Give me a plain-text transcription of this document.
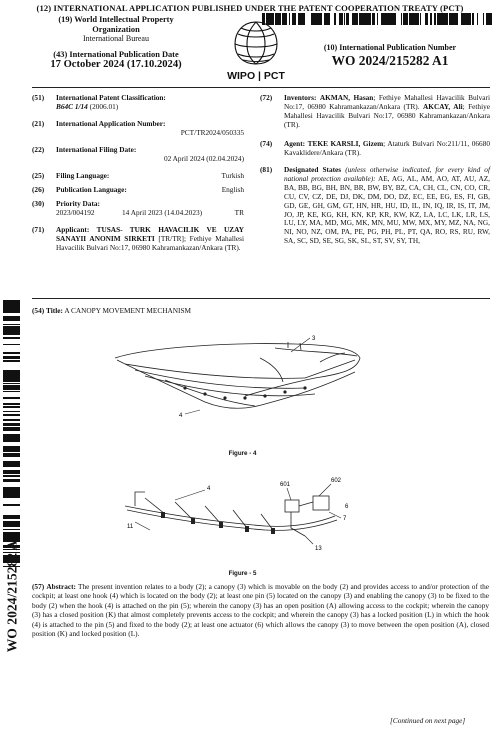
(12) INTERNATIONAL APPLICATION PUBLISHED UNDER THE PATENT COOPERATION TREATY (PCT)
(19) World Intellectual Property
Organization
International Bureau
(43) International Publication Date
17 October 2024 (17.10.2024)
WIPO | PCT
(10) International Publication Number
WO 2024/215282 A1
(51)	International Patent Classification:
B64C 1/14 (2006.01)
(21)	International Application Number:
PCT/TR2024/050335
(22)	International Filing Date:
02 April 2024 (02.04.2024)
(25)	Filing Language:	Turkish
(26)	Publication Language:	English
(30)	Priority Data:
2023/004192	14 April 2023 (14.04.2023)	TR
(71)	Applicant: TUSAS- TURK HAVACILIK VE UZAY SANAYII ANONIM SIRKETI [TR/TR]; Fethiye Mahallesi Havacilik Bulvari No:17, 06980 Kahramankazan/Ankara (TR).
(72)	Inventors: AKMAN, Hasan; Fethiye Mahallesi Havacilik Bulvari No:17, 06980 Kahramankazan/Ankara (TR). AKCAY, Ali; Fethiye Mahallesi Havacilik Bulvari No:17, 06980 Kahramankazan/Ankara (TR).
(74)	Agent: TEKE KARSLI, Gizem; Ataturk Bulvari No:211/11, 06680 Kavaklidere/Ankara (TR).
(81)	Designated States (unless otherwise indicated, for every kind of national protection available): AE, AG, AL, AM, AO, AT, AU, AZ, BA, BB, BG, BH, BN, BR, BW, BY, BZ, CA, CH, CL, CN, CO, CR, CU, CV, CZ, DE, DJ, DK, DM, DO, DZ, EC, EE, EG, ES, FI, GB, GD, GE, GH, GM, GT, HN, HR, HU, ID, IL, IN, IQ, IR, IS, IT, JM, JO, JP, KE, KG, KH, KN, KP, KR, KW, KZ, LA, LC, LK, LR, LS, LU, LY, MA, MD, MG, MK, MN, MU, MW, MX, MY, MZ, NA, NG, NI, NO, NZ, OM, PA, PE, PG, PH, PL, PT, QA, RO, RS, RU, RW, SA, SC, SD, SE, SG, SK, SL, ST, SV, SY, TH,
WO 2024/215282 A1
(54) Title: A CANOPY MOVEMENT MECHANISM
3
4
Figure - 4
4
601
602
11
7
6
13
Figure - 5
(57) Abstract: The present invention relates to a body (2); a canopy (3) which is movable on the body (2) and provides access to and/or protection of the cockpit; at least one hook (4) which is located on the body (2); at least one pin (5) located on the canopy (3) and enabling the canopy (3) to be fixed to the body (2) when the hook (4) is attached on the pin (5); wherein the canopy (3) has an open position (A) allowing access to the cockpit; wherein the canopy (3) has a closed position (K) that almost completely prevents access to the cockpit; and wherein the canopy (3) has a locked position (L) in which the hook (4) is attached to the pin (5) and fixed to the body (2); at least one actuator (6) which allows the canopy (3) to move between the open position (A), closed position (K) and locked position (L).
[Continued on next page]
